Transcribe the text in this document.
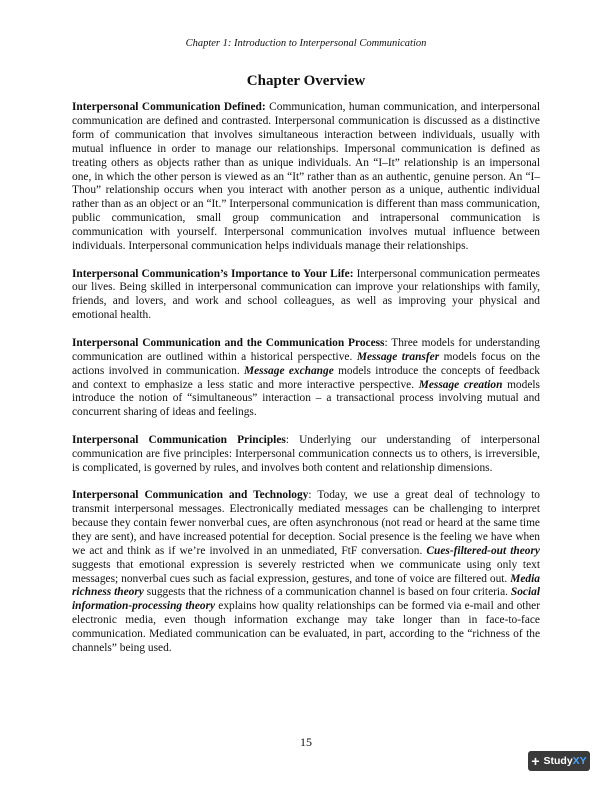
Chapter 1: Introduction to Interpersonal Communication
Chapter Overview

Interpersonal Communication Defined: Communication, human communication, and interpersonal communication are defined and contrasted. Interpersonal communication is discussed as a distinctive form of communication that involves simultaneous interaction between individuals, usually with mutual influence in order to manage our relationships. Impersonal communication is defined as treating others as objects rather than as unique individuals. An “I–It” relationship is an impersonal one, in which the other person is viewed as an “It” rather than as an authentic, genuine person. An “I–Thou” relationship occurs when you interact with another person as a unique, authentic individual rather than as an object or an “It.” Interpersonal communication is different than mass communication, public communication, small group communication and intrapersonal communication is communication with yourself. Interpersonal communication involves mutual influence between individuals. Interpersonal communication helps individuals manage their relationships.

Interpersonal Communication’s Importance to Your Life: Interpersonal communication permeates our lives. Being skilled in interpersonal communication can improve your relationships with family, friends, and lovers, and work and school colleagues, as well as improving your physical and emotional health.

Interpersonal Communication and the Communication Process: Three models for understanding communication are outlined within a historical perspective. Message transfer models focus on the actions involved in communication. Message exchange models introduce the concepts of feedback and context to emphasize a less static and more interactive perspective. Message creation models introduce the notion of “simultaneous” interaction – a transactional process involving mutual and concurrent sharing of ideas and feelings.

Interpersonal Communication Principles: Underlying our understanding of interpersonal communication are five principles: Interpersonal communication connects us to others, is irreversible, is complicated, is governed by rules, and involves both content and relationship dimensions.

Interpersonal Communication and Technology: Today, we use a great deal of technology to transmit interpersonal messages. Electronically mediated messages can be challenging to interpret because they contain fewer nonverbal cues, are often asynchronous (not read or heard at the same time they are sent), and have increased potential for deception. Social presence is the feeling we have when we act and think as if we’re involved in an unmediated, FtF conversation. Cues-filtered-out theory suggests that emotional expression is severely restricted when we communicate using only text messages; nonverbal cues such as facial expression, gestures, and tone of voice are filtered out. Media richness theory suggests that the richness of a communication channel is based on four criteria. Social information-processing theory explains how quality relationships can be formed via e-mail and other electronic media, even though information exchange may take longer than in face-to-face communication. Mediated communication can be evaluated, in part, according to the “richness of the channels” being used.

15
+ StudyXY
